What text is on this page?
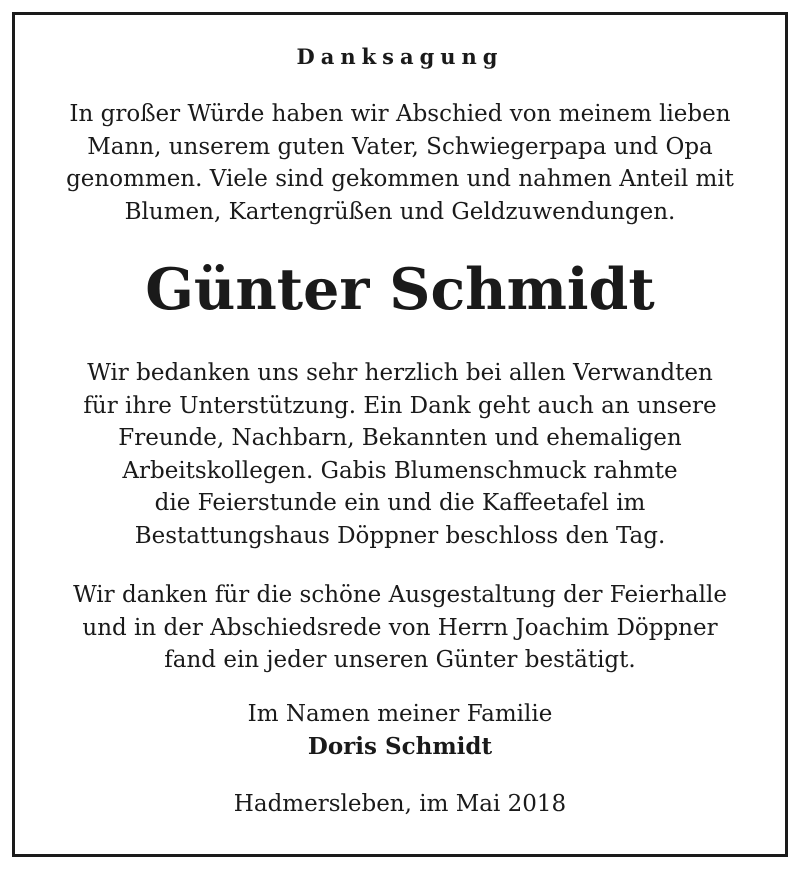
Danksagung
In großer Würde haben wir Abschied von meinem lieben
Mann, unserem guten Vater, Schwiegerpapa und Opa
genommen. Viele sind gekommen und nahmen Anteil mit
Blumen, Kartengrüßen und Geldzuwendungen.
Günter Schmidt
Wir bedanken uns sehr herzlich bei allen Verwandten
für ihre Unterstützung. Ein Dank geht auch an unsere
Freunde, Nachbarn, Bekannten und ehemaligen
Arbeitskollegen. Gabis Blumenschmuck rahmte
die Feierstunde ein und die Kaffeetafel im
Bestattungshaus Döppner beschloss den Tag.
Wir danken für die schöne Ausgestaltung der Feierhalle
und in der Abschiedsrede von Herrn Joachim Döppner
fand ein jeder unseren Günter bestätigt.
Im Namen meiner Familie
Doris Schmidt
Hadmersleben, im Mai 2018
